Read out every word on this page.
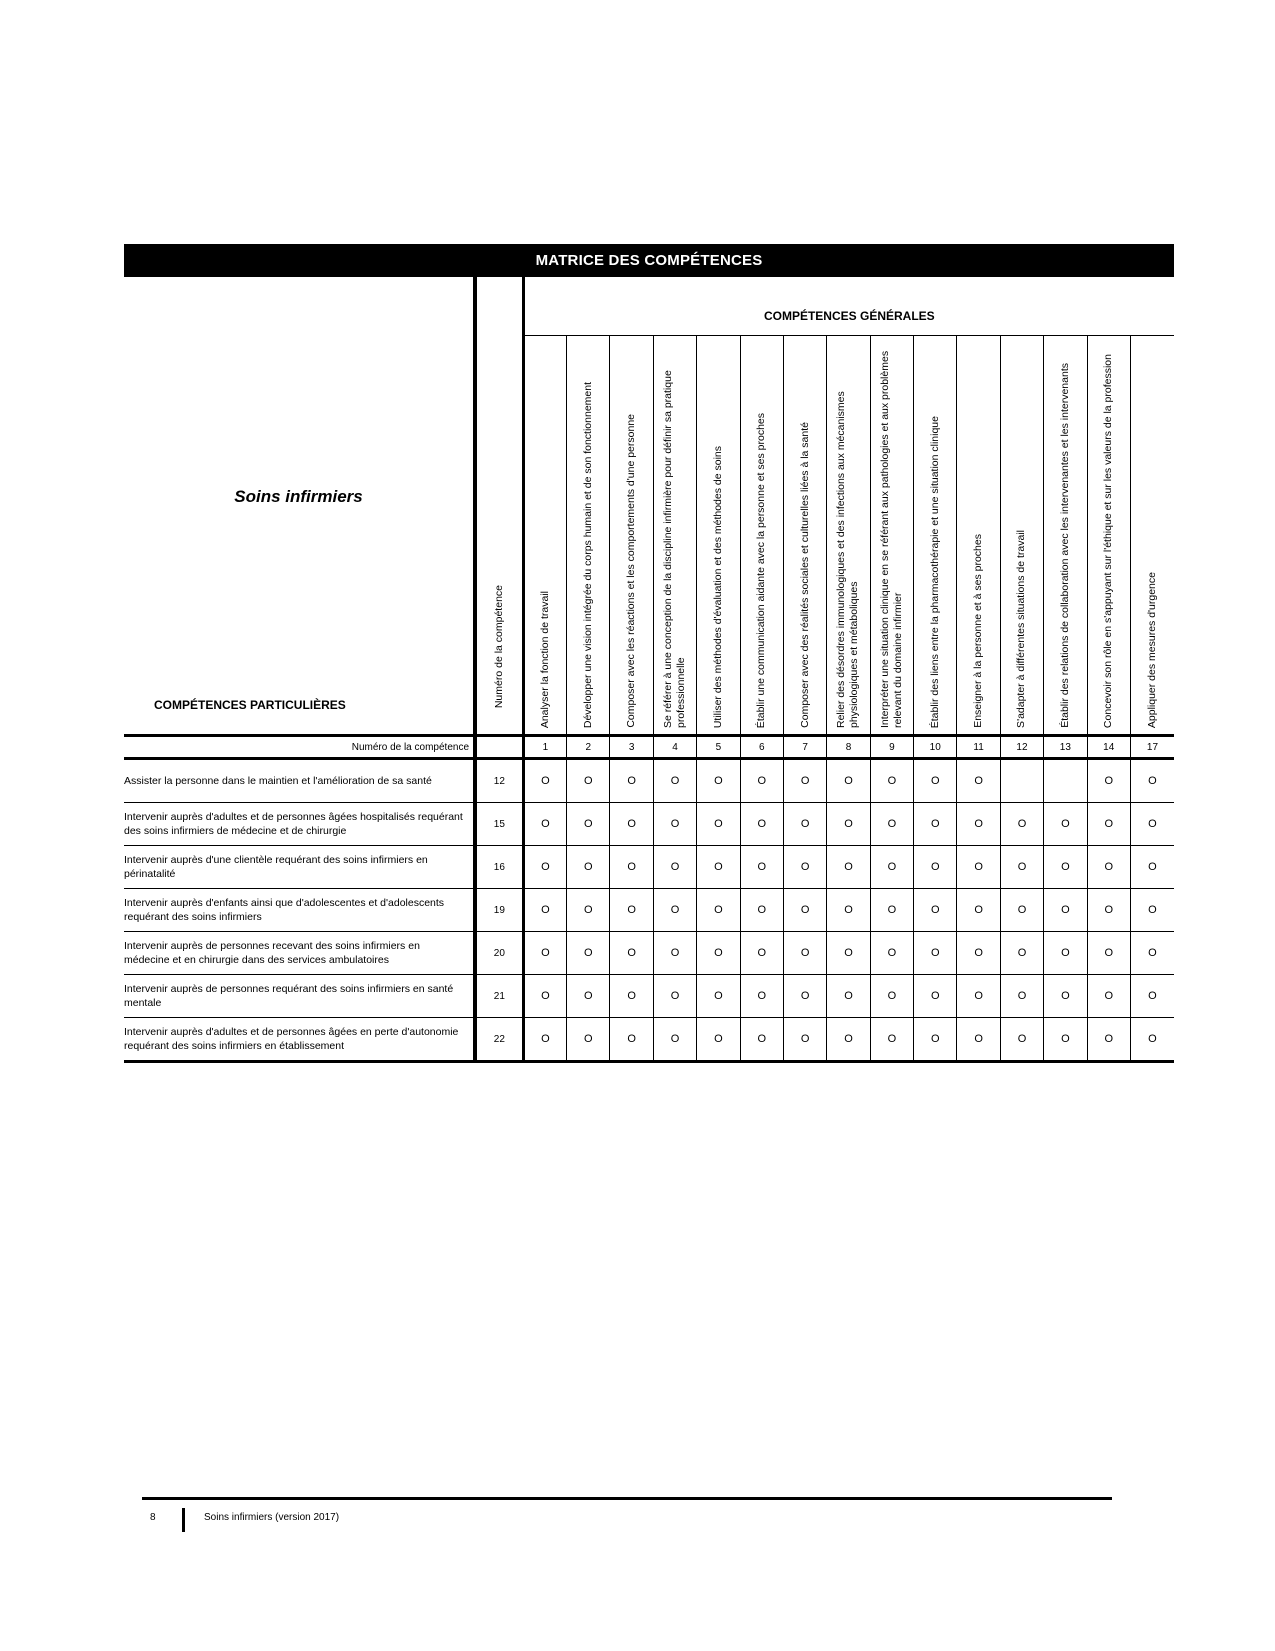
MATRICE DES COMPÉTENCES
Soins infirmiers
COMPÉTENCES PARTICULIÈRES	Numéro de la compétence	COMPÉTENCES GÉNÉRALES														

		Analyser la fonction de travail	Développer une vision intégrée du corps humain et de son fonctionnement	Composer avec les réactions et les comportements d'une personne	Se référer à une conception de la discipline infirmière pour définir sa pratique professionnelle	Utiliser des méthodes d'évaluation et des méthodes de soins	Établir une communication aidante avec la personne et ses proches	Composer avec des réalités sociales et culturelles liées à la santé	Relier des désordres immunologiques et des infections aux mécanismes physiologiques et métaboliques	Interpréter une situation clinique en se référant aux pathologies et aux problèmes relevant du domaine infirmier	Établir des liens entre la pharmacothérapie et une situation clinique	Enseigner à la personne et à ses proches	S'adapter à différentes situations de travail	Établir des relations de collaboration avec les intervenantes et les intervenants	Concevoir son rôle en s'appuyant sur l'éthique et sur les valeurs de la profession	Appliquer des mesures d'urgence

Numéro de la compétence		1	2	3	4	5	6	7	8	9	10	11	12	13	14	17
Assister la personne dans le maintien et l'amélioration de sa santé	12	O	O	O	O	O	O	O	O	O	O	O			O	O
Intervenir auprès d'adultes et de personnes âgées hospitalisés requérant des soins infirmiers de médecine et de chirurgie	15	O	O	O	O	O	O	O	O	O	O	O	O	O	O	O
Intervenir auprès d'une clientèle requérant des soins infirmiers en périnatalité	16	O	O	O	O	O	O	O	O	O	O	O	O	O	O	O
Intervenir auprès d'enfants ainsi que d'adolescentes et d'adolescents requérant des soins infirmiers	19	O	O	O	O	O	O	O	O	O	O	O	O	O	O	O
Intervenir auprès de personnes recevant des soins infirmiers en médecine et en chirurgie dans des services ambulatoires	20	O	O	O	O	O	O	O	O	O	O	O	O	O	O	O
Intervenir auprès de personnes requérant des soins infirmiers en santé mentale	21	O	O	O	O	O	O	O	O	O	O	O	O	O	O	O
Intervenir auprès d'adultes et de personnes âgées en perte d'autonomie requérant des soins infirmiers en établissement	22	O	O	O	O	O	O	O	O	O	O	O	O	O	O	O
8	Soins infirmiers (version 2017)
